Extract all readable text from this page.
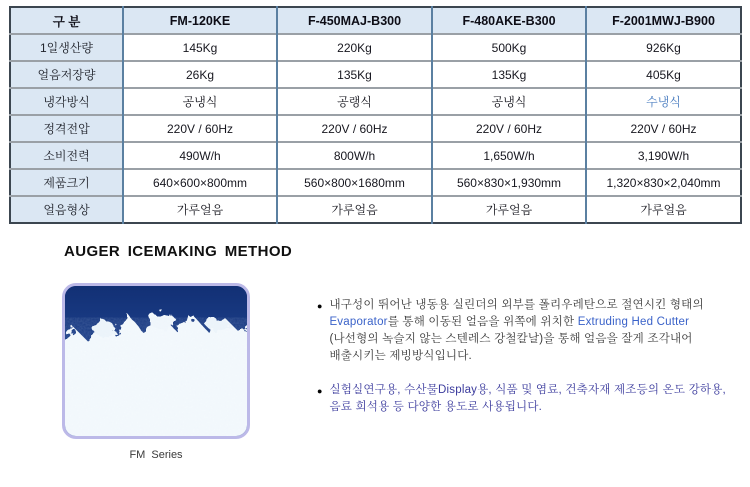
구 분	FM-120KE	F-450MAJ-B300	F-480AKE-B300	F-2001MWJ-B900
1일생산량	145Kg	220Kg	500Kg	926Kg
얼음저장량	26Kg	135Kg	135Kg	405Kg
냉각방식	공냉식	공랭식	공냉식	수냉식
정격전압	220V / 60Hz	220V / 60Hz	220V / 60Hz	220V / 60Hz
소비전력	490W/h	800W/h	1,650W/h	3,190W/h
제품크기	640×600×800mm	560×800×1680mm	560×830×1,930mm	1,320×830×2,040mm
얼음형상	가루얼음	가루얼음	가루얼음	가루얼음
AUGER ICEMAKING METHOD
FM Series
● 내구성이 뛰어난 냉동용 실린더의 외부를 폴리우레탄으로 절연시킨 형태의
Evaporator를 통해 이동된 얼음을 위쪽에 위치한 Extruding Hed Cutter
(나선형의 녹슬지 않는 스텐레스 강철칼날)을 통해 얼음을 잘게 조각내어
배출시키는 제빙방식입니다.
● 실험실연구용, 수산물Display용, 식품 및 염료, 건축자재 제조등의 온도 강하용,
음료 희석용 등 다양한 용도로 사용됩니다.
